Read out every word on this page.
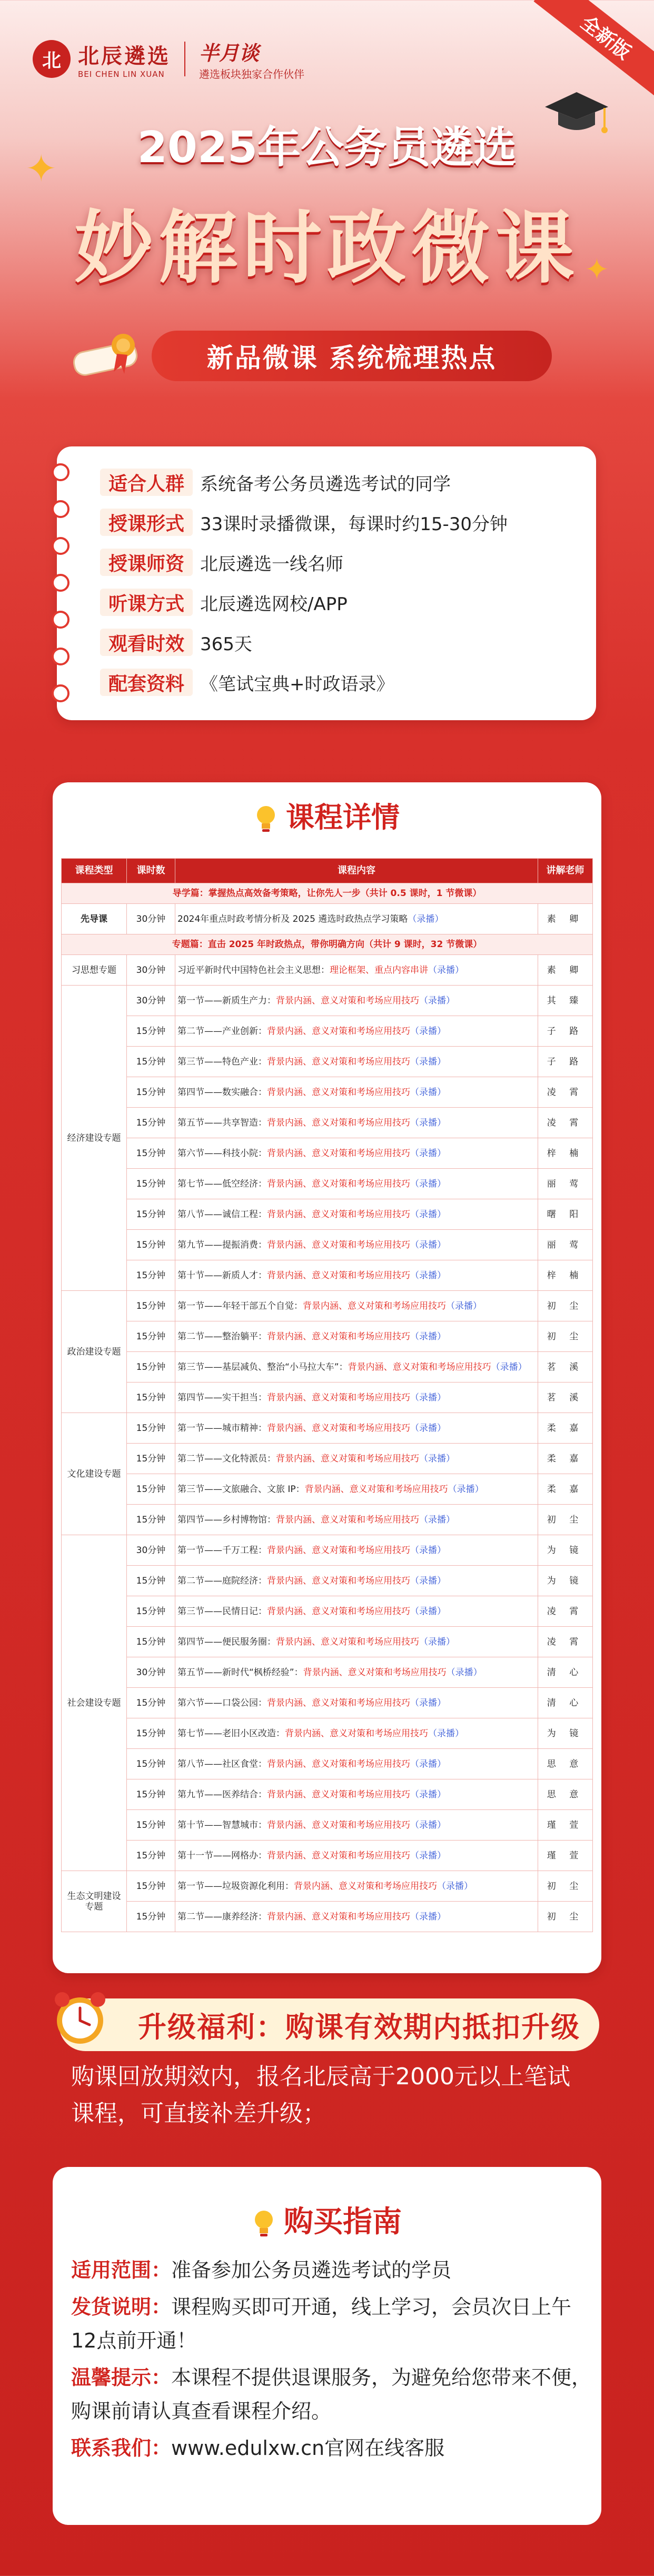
北 北辰遴选
BEI CHEN LIN XUAN
半月谈
遴选板块独家合作伙伴
全新版
✦
✦
2025年公务员遴选
妙解时政微课
新品微课 系统梳理热点
适合人群 系统备考公务员遴选考试的同学
授课形式 33课时录播微课，每课时约15-30分钟
授课师资 北辰遴选一线名师
听课方式 北辰遴选网校/APP
观看时效 365天
配套资料 《笔试宝典+时政语录》
课程详情
课程类型	课时数	课程内容	讲解老师
导学篇：掌握热点高效备考策略，让你先人一步（共计 0.5 课时，1 节微课）			
先导课	30分钟	2024年重点时政考情分析及 2025 遴选时政热点学习策略（录播）	素 卿
专题篇：直击 2025 年时政热点，带你明确方向（共计 9 课时，32 节微课）			
习思想专题	30分钟	习近平新时代中国特色社会主义思想：理论框架、重点内容串讲（录播）	素 卿
经济建设专题	30分钟	第一节——新质生产力：背景内涵、意义对策和考场应用技巧（录播）	其 臻
	15分钟	第二节——产业创新：背景内涵、意义对策和考场应用技巧（录播）	子 路
	15分钟	第三节——特色产业：背景内涵、意义对策和考场应用技巧（录播）	子 路
	15分钟	第四节——数实融合：背景内涵、意义对策和考场应用技巧（录播）	凌 霄
	15分钟	第五节——共享智造：背景内涵、意义对策和考场应用技巧（录播）	凌 霄
	15分钟	第六节——科技小院：背景内涵、意义对策和考场应用技巧（录播）	梓 楠
	15分钟	第七节——低空经济：背景内涵、意义对策和考场应用技巧（录播）	丽 莺
	15分钟	第八节——诚信工程：背景内涵、意义对策和考场应用技巧（录播）	曙 阳
	15分钟	第九节——提振消费：背景内涵、意义对策和考场应用技巧（录播）	丽 莺
	15分钟	第十节——新质人才：背景内涵、意义对策和考场应用技巧（录播）	梓 楠
政治建设专题	15分钟	第一节——年轻干部五个自觉：背景内涵、意义对策和考场应用技巧（录播）	初 尘
	15分钟	第二节——整治躺平：背景内涵、意义对策和考场应用技巧（录播）	初 尘
	15分钟	第三节——基层减负、整治“小马拉大车”：背景内涵、意义对策和考场应用技巧（录播）	茗 溪
	15分钟	第四节——实干担当：背景内涵、意义对策和考场应用技巧（录播）	茗 溪
文化建设专题	15分钟	第一节——城市精神：背景内涵、意义对策和考场应用技巧（录播）	柔 嘉
	15分钟	第二节——文化特派员：背景内涵、意义对策和考场应用技巧（录播）	柔 嘉
	15分钟	第三节——文旅融合、文旅 IP：背景内涵、意义对策和考场应用技巧（录播）	柔 嘉
	15分钟	第四节——乡村博物馆：背景内涵、意义对策和考场应用技巧（录播）	初 尘
社会建设专题	30分钟	第一节——千万工程：背景内涵、意义对策和考场应用技巧（录播）	为 镜
	15分钟	第二节——庭院经济：背景内涵、意义对策和考场应用技巧（录播）	为 镜
	15分钟	第三节——民情日记：背景内涵、意义对策和考场应用技巧（录播）	凌 霄
	15分钟	第四节——便民服务圈：背景内涵、意义对策和考场应用技巧（录播）	凌 霄
	30分钟	第五节——新时代“枫桥经验”：背景内涵、意义对策和考场应用技巧（录播）	清 心
	15分钟	第六节——口袋公园：背景内涵、意义对策和考场应用技巧（录播）	清 心
	15分钟	第七节——老旧小区改造：背景内涵、意义对策和考场应用技巧（录播）	为 镜
	15分钟	第八节——社区食堂：背景内涵、意义对策和考场应用技巧（录播）	思 意
	15分钟	第九节——医养结合：背景内涵、意义对策和考场应用技巧（录播）	思 意
	15分钟	第十节——智慧城市：背景内涵、意义对策和考场应用技巧（录播）	瑾 萱
	15分钟	第十一节——网格办：背景内涵、意义对策和考场应用技巧（录播）	瑾 萱
生态文明建设专题	15分钟	第一节——垃圾资源化利用：背景内涵、意义对策和考场应用技巧（录播）	初 尘
	15分钟	第二节——康养经济：背景内涵、意义对策和考场应用技巧（录播）	初 尘
升级福利：购课有效期内抵扣升级
购课回放期效内，报名北辰高于2000元以上笔试课程，可直接补差升级；
购买指南

适用范围：准备参加公务员遴选考试的学员

发货说明：课程购买即可开通，线上学习，会员次日上午12点前开通！

温馨提示：本课程不提供退课服务，为避免给您带来不便，购课前请认真查看课程介绍。

联系我们：www.edulxw.cn官网在线客服
